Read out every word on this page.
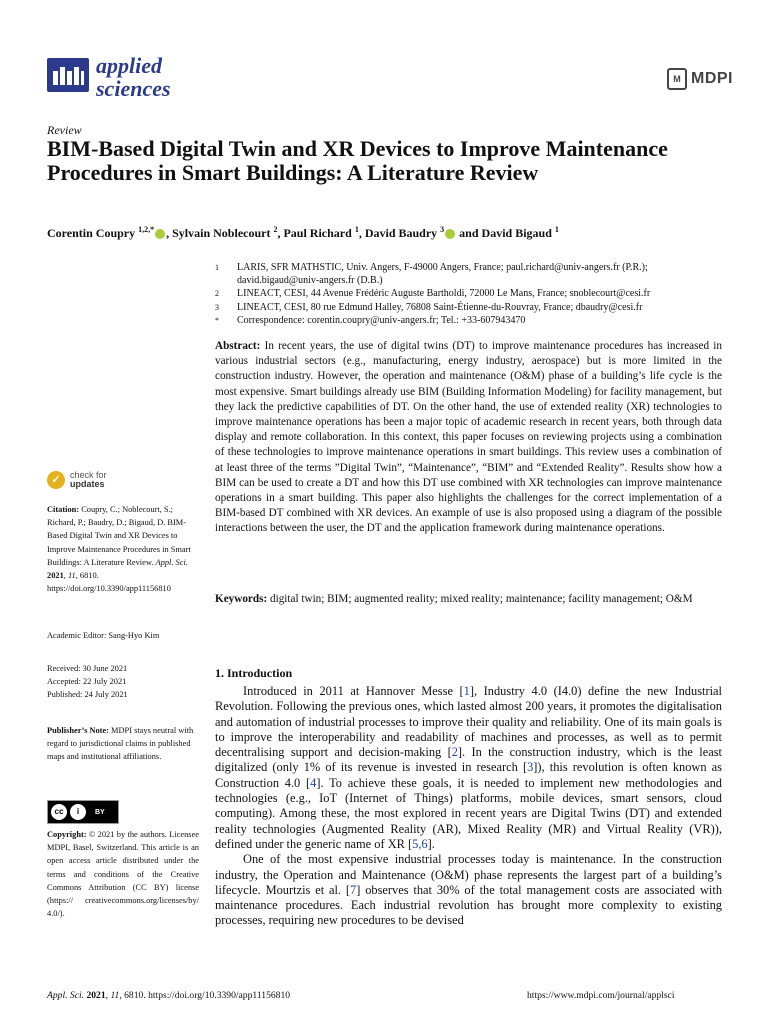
applied
sciences	M MDPI
Review
BIM-Based Digital Twin and XR Devices to Improve Maintenance Procedures in Smart Buildings: A Literature Review
Corentin Coupry $^{1,2,*}$ , Sylvain Noblecourt $^2$, Paul Richard $^1$, David Baudry $^3$ and David Bigaud $^1$
1	LARIS, SFR MATHSTIC, Univ. Angers, F-49000 Angers, France; paul.richard@univ-angers.fr (P.R.); david.bigaud@univ-angers.fr (D.B.)
2	LINEACT, CESI, 44 Avenue Frédéric Auguste Bartholdi, 72000 Le Mans, France; snoblecourt@cesi.fr
3	LINEACT, CESI, 80 rue Edmund Halley, 76808 Saint-Étienne-du-Rouvray, France; dbaudry@cesi.fr
*	Correspondence: corentin.coupry@univ-angers.fr; Tel.: +33-607943470
Abstract: In recent years, the use of digital twins (DT) to improve maintenance procedures has increased in various industrial sectors (e.g., manufacturing, energy industry, aerospace) but is more limited in the construction industry. However, the operation and maintenance (O&M) phase of a building’s life cycle is the most expensive. Smart buildings already use BIM (Building Information Modeling) for facility management, but they lack the predictive capabilities of DT. On the other hand, the use of extended reality (XR) technologies to improve maintenance operations has been a major topic of academic research in recent years, both through data display and remote collaboration. In this context, this paper focuses on reviewing projects using a combination of these technologies to improve maintenance operations in smart buildings. This review uses a combination of at least three of the terms ”Digital Twin”, “Maintenance”, “BIM” and “Extended Reality”. Results show how a BIM can be used to create a DT and how this DT use combined with XR technologies can improve maintenance operations in a smart building. This paper also highlights the challenges for the correct implementation of a BIM-based DT combined with XR devices. An example of use is also proposed using a diagram of the possible interactions between the user, the DT and the application framework during maintenance operations.
Keywords: digital twin; BIM; augmented reality; mixed reality; maintenance; facility management; O&M
1. Introduction

Introduced in 2011 at Hannover Messe [1], Industry 4.0 (I4.0) define the new Industrial Revolution. Following the previous ones, which lasted almost 200 years, it promotes the digitalisation and automation of industrial processes to improve their quality and reliability. One of its main goals is to improve the interoperability and readability of machines and processes, as well as to permit decentralising support and decision-making [2]. In the construction industry, which is the least digitalized (only 1% of its revenue is invested in research [3]), this revolution is often known as Construction 4.0 [4]. To achieve these goals, it is needed to implement new methodologies and technologies (e.g., IoT (Internet of Things) platforms, mobile devices, smart sensors, cloud computing). Among these, the most explored in recent years are Digital Twins (DT) and extended reality technologies (Augmented Reality (AR), Mixed Reality (MR) and Virtual Reality (VR)), defined under the generic name of XR [5,6].

One of the most expensive industrial processes today is maintenance. In the construction industry, the Operation and Maintenance (O&M) phase represents the largest part of a building’s lifecycle. Mourtzis et al. [7] observes that 30% of the total management costs are associated with maintenance procedures. Each industrial revolution has brought more complexity to existing processes, requiring new procedures to be devised

✓	check for
updates
Citation: Coupry, C.; Noblecourt, S.; Richard, P.; Baudry, D.; Bigaud, D. BIM-Based Digital Twin and XR Devices to Improve Maintenance Procedures in Smart Buildings: A Literature Review. Appl. Sci. 2021, 11, 6810. https://doi.org/10.3390/app11156810
Academic Editor: Sang-Hyo Kim
Received: 30 June 2021
Accepted: 22 July 2021
Published: 24 July 2021
Publisher’s Note: MDPI stays neutral with regard to jurisdictional claims in published maps and institutional affiliations.
cc	i	BY
Copyright: © 2021 by the authors. Licensee MDPI, Basel, Switzerland. This article is an open access article distributed under the terms and conditions of the Creative Commons Attribution (CC BY) license (https:// creativecommons.org/licenses/by/ 4.0/).
Appl. Sci. 2021, 11, 6810. https://doi.org/10.3390/app11156810	https://www.mdpi.com/journal/applsci
